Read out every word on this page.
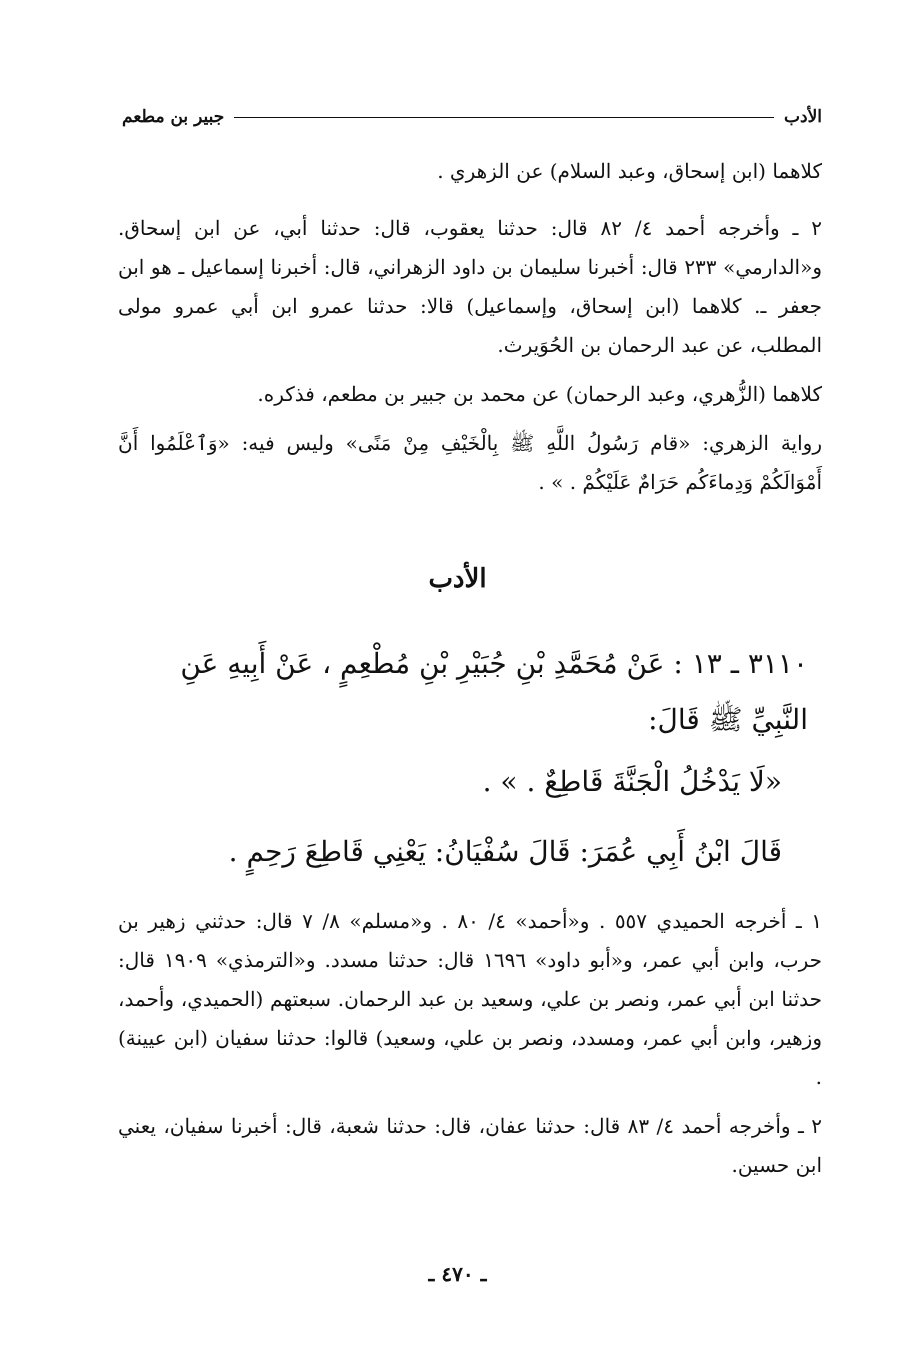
الأدب
جبير بن مطعم

كلاهما (ابن إسحاق، وعبد السلام) عن الزهري .

٢ ـ وأخرجه أحمد ٤/ ٨٢ قال: حدثنا يعقوب، قال: حدثنا أبي، عن ابن إسحاق. و«الدارمي» ٢٣٣ قال: أخبرنا سليمان بن داود الزهراني، قال: أخبرنا إسماعيل ـ هو ابن جعفر ـ. كلاهما (ابن إسحاق، وإسماعيل) قالا: حدثنا عمرو ابن أبي عمرو مولى المطلب، عن عبد الرحمان بن الحُوَيرث.

كلاهما (الزُّهري، وعبد الرحمان) عن محمد بن جبير بن مطعم، فذكره.

رواية الزهري: «قام رَسُولُ اللَّهِ ﷺ بِالْخَيْفِ مِنْ مَنًى» وليس فيه: «وَٱعْلَمُوا أَنَّ أَمْوَالَكُمْ وَدِماءَكُم حَرَامٌ عَلَيْكُمْ . » .

الأدب

٣١١٠ ـ ١٣ : عَنْ مُحَمَّدِ بْنِ جُبَيْرِ بْنِ مُطْعِمٍ ، عَنْ أَبِيهِ عَنِ النَّبِيِّ ﷺ قَالَ:

«لَا يَدْخُلُ الْجَنَّةَ قَاطِعٌ . » .

قَالَ ابْنُ أَبِي عُمَرَ: قَالَ سُفْيَانُ: يَعْنِي قَاطِعَ رَحِمٍ .

١ ـ أخرجه الحميدي ٥٥٧ . و«أحمد» ٤/ ٨٠ . و«مسلم» ٨/ ٧ قال: حدثني زهير بن حرب، وابن أبي عمر، و«أبو داود» ١٦٩٦ قال: حدثنا مسدد. و«الترمذي» ١٩٠٩ قال: حدثنا ابن أبي عمر، ونصر بن علي، وسعيد بن عبد الرحمان. سبعتهم (الحميدي، وأحمد، وزهير، وابن أبي عمر، ومسدد، ونصر بن علي، وسعيد) قالوا: حدثنا سفيان (ابن عيينة) .

٢ ـ وأخرجه أحمد ٤/ ٨٣ قال: حدثنا عفان، قال: حدثنا شعبة، قال: أخبرنا سفيان، يعني ابن حسين.

ـ ٤٧٠ ـ
